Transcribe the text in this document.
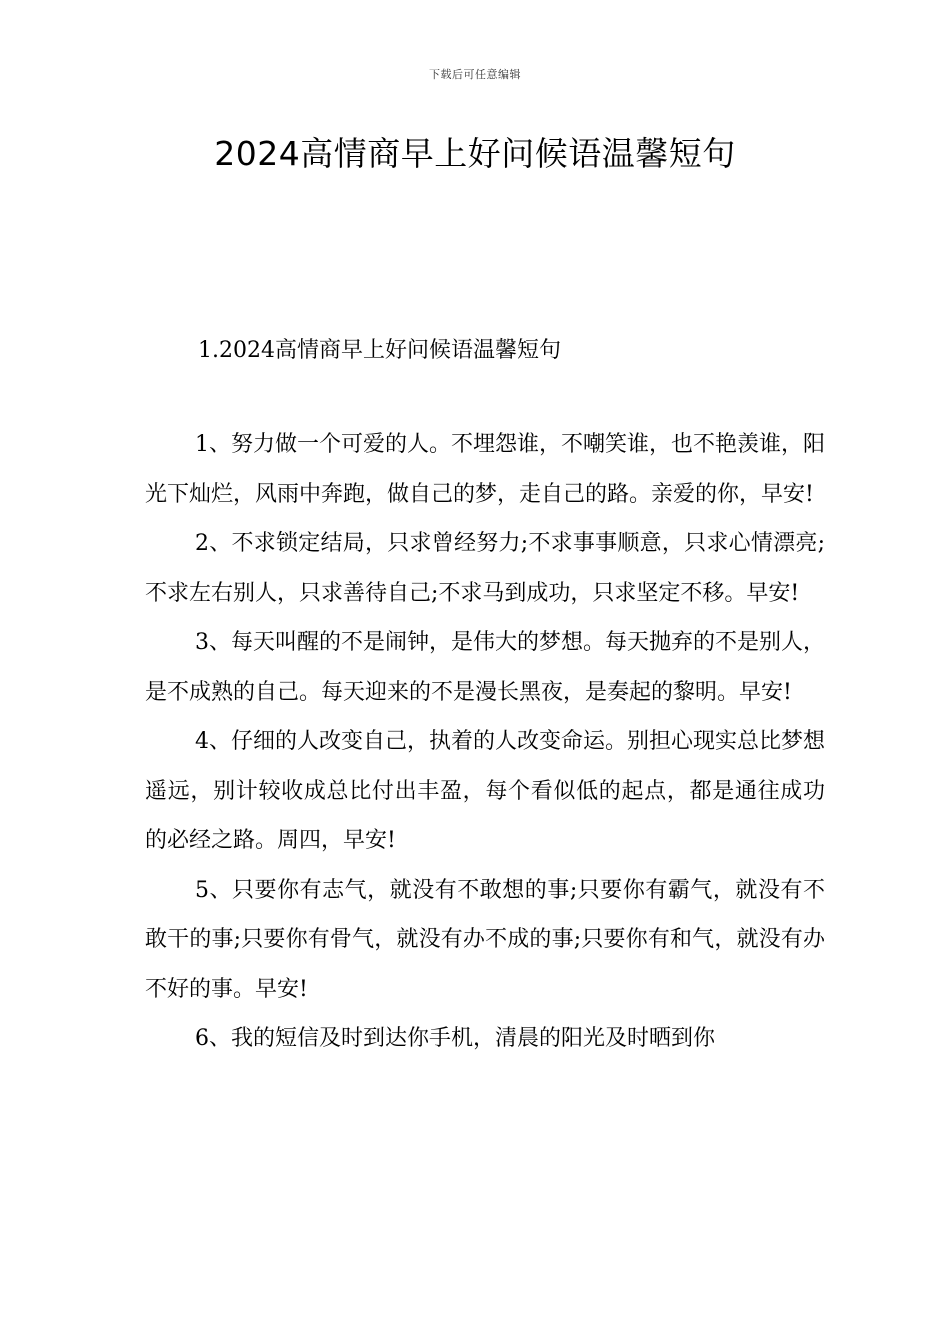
下载后可任意编辑
2024高情商早上好问候语温馨短句
1.2024高情商早上好问候语温馨短句

1、努力做一个可爱的人。不埋怨谁，不嘲笑谁，也不艳羡谁，阳光下灿烂，风雨中奔跑，做自己的梦，走自己的路。亲爱的你，早安!

2、不求锁定结局，只求曾经努力;不求事事顺意，只求心情漂亮;不求左右别人，只求善待自己;不求马到成功，只求坚定不移。早安!

3、每天叫醒的不是闹钟，是伟大的梦想。每天抛弃的不是别人，是不成熟的自己。每天迎来的不是漫长黑夜，是奏起的黎明。早安!

4、仔细的人改变自己，执着的人改变命运。别担心现实总比梦想遥远，别计较收成总比付出丰盈，每个看似低的起点，都是通往成功的必经之路。周四，早安!

5、只要你有志气，就没有不敢想的事;只要你有霸气，就没有不敢干的事;只要你有骨气，就没有办不成的事;只要你有和气，就没有办不好的事。早安!

6、我的短信及时到达你手机，清晨的阳光及时晒到你
